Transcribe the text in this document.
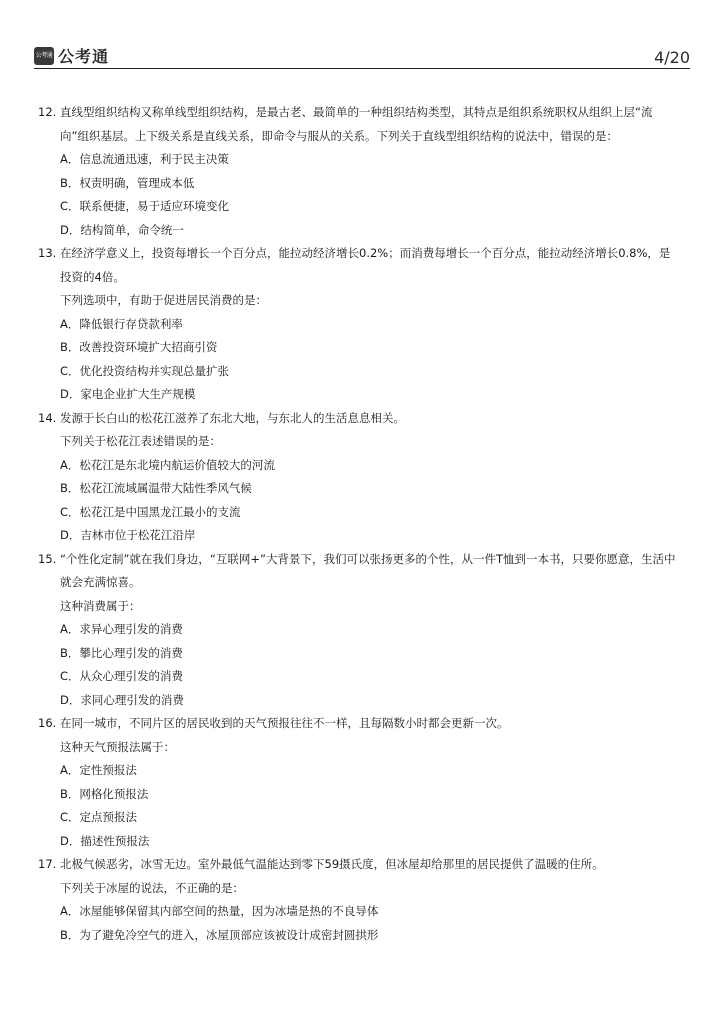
公考通 公考通	4/20
12. 直线型组织结构又称单线型组织结构，是最古老、最简单的一种组织结构类型，其特点是组织系统职权从组织上层“流
向”组织基层。上下级关系是直线关系，即命令与服从的关系。下列关于直线型组织结构的说法中，错误的是：
A．信息流通迅速，利于民主决策
B．权责明确，管理成本低
C．联系便捷，易于适应环境变化
D．结构简单，命令统一
13. 在经济学意义上，投资每增长一个百分点，能拉动经济增长0.2%；而消费每增长一个百分点，能拉动经济增长0.8%，是
投资的4倍。
下列选项中，有助于促进居民消费的是：
A．降低银行存贷款利率
B．改善投资环境扩大招商引资
C．优化投资结构并实现总量扩张
D．家电企业扩大生产规模
14. 发源于长白山的松花江滋养了东北大地，与东北人的生活息息相关。
下列关于松花江表述错误的是：
A．松花江是东北境内航运价值较大的河流
B．松花江流域属温带大陆性季风气候
C．松花江是中国黑龙江最小的支流
D．吉林市位于松花江沿岸
15. “个性化定制”就在我们身边，“互联网+”大背景下，我们可以张扬更多的个性，从一件T恤到一本书，只要你愿意，生活中
就会充满惊喜。
这种消费属于：
A．求异心理引发的消费
B．攀比心理引发的消费
C．从众心理引发的消费
D．求同心理引发的消费
16. 在同一城市，不同片区的居民收到的天气预报往往不一样，且每隔数小时都会更新一次。
这种天气预报法属于：
A．定性预报法
B．网格化预报法
C．定点预报法
D．描述性预报法
17. 北极气候恶劣，冰雪无边。室外最低气温能达到零下59摄氏度，但冰屋却给那里的居民提供了温暖的住所。
下列关于冰屋的说法，不正确的是：
A．冰屋能够保留其内部空间的热量，因为冰墙是热的不良导体
B．为了避免冷空气的进入，冰屋顶部应该被设计成密封圆拱形
